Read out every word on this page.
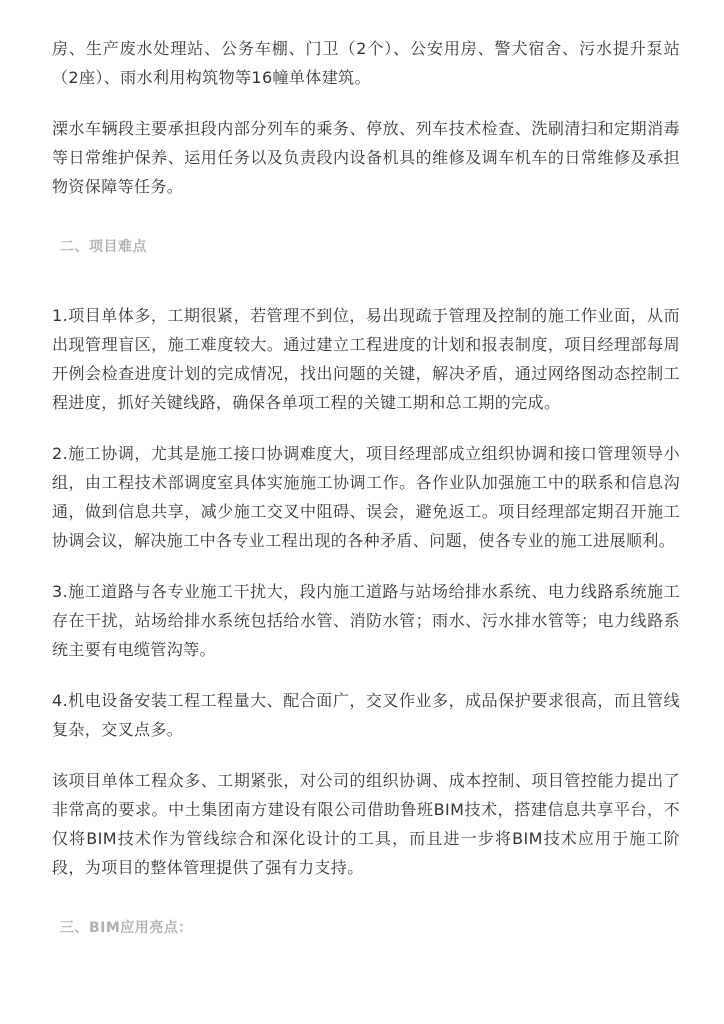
房、生产废水处理站、公务车棚、门卫（2个）、公安用房、警犬宿舍、污水提升泵站（2座）、雨水利用构筑物等16幢单体建筑。

溧水车辆段主要承担段内部分列车的乘务、停放、列车技术检查、洗刷清扫和定期消毒等日常维护保养、运用任务以及负责段内设备机具的维修及调车机车的日常维修及承担物资保障等任务。

二、项目难点

1.项目单体多，工期很紧，若管理不到位，易出现疏于管理及控制的施工作业面，从而出现管理盲区，施工难度较大。通过建立工程进度的计划和报表制度，项目经理部每周开例会检查进度计划的完成情况，找出问题的关键，解决矛盾，通过网络图动态控制工程进度，抓好关键线路，确保各单项工程的关键工期和总工期的完成。

2.施工协调，尤其是施工接口协调难度大，项目经理部成立组织协调和接口管理领导小组，由工程技术部调度室具体实施施工协调工作。各作业队加强施工中的联系和信息沟通，做到信息共享，减少施工交叉中阻碍、误会，避免返工。项目经理部定期召开施工协调会议，解决施工中各专业工程出现的各种矛盾、问题，使各专业的施工进展顺利。

3.施工道路与各专业施工干扰大，段内施工道路与站场给排水系统、电力线路系统施工存在干扰，站场给排水系统包括给水管、消防水管；雨水、污水排水管等；电力线路系统主要有电缆管沟等。

4.机电设备安装工程工程量大、配合面广，交叉作业多，成品保护要求很高，而且管线复杂，交叉点多。

该项目单体工程众多、工期紧张，对公司的组织协调、成本控制、项目管控能力提出了非常高的要求。中土集团南方建设有限公司借助鲁班BIM技术，搭建信息共享平台，不仅将BIM技术作为管线综合和深化设计的工具，而且进一步将BIM技术应用于施工阶段，为项目的整体管理提供了强有力支持。

三、BIM应用亮点：
